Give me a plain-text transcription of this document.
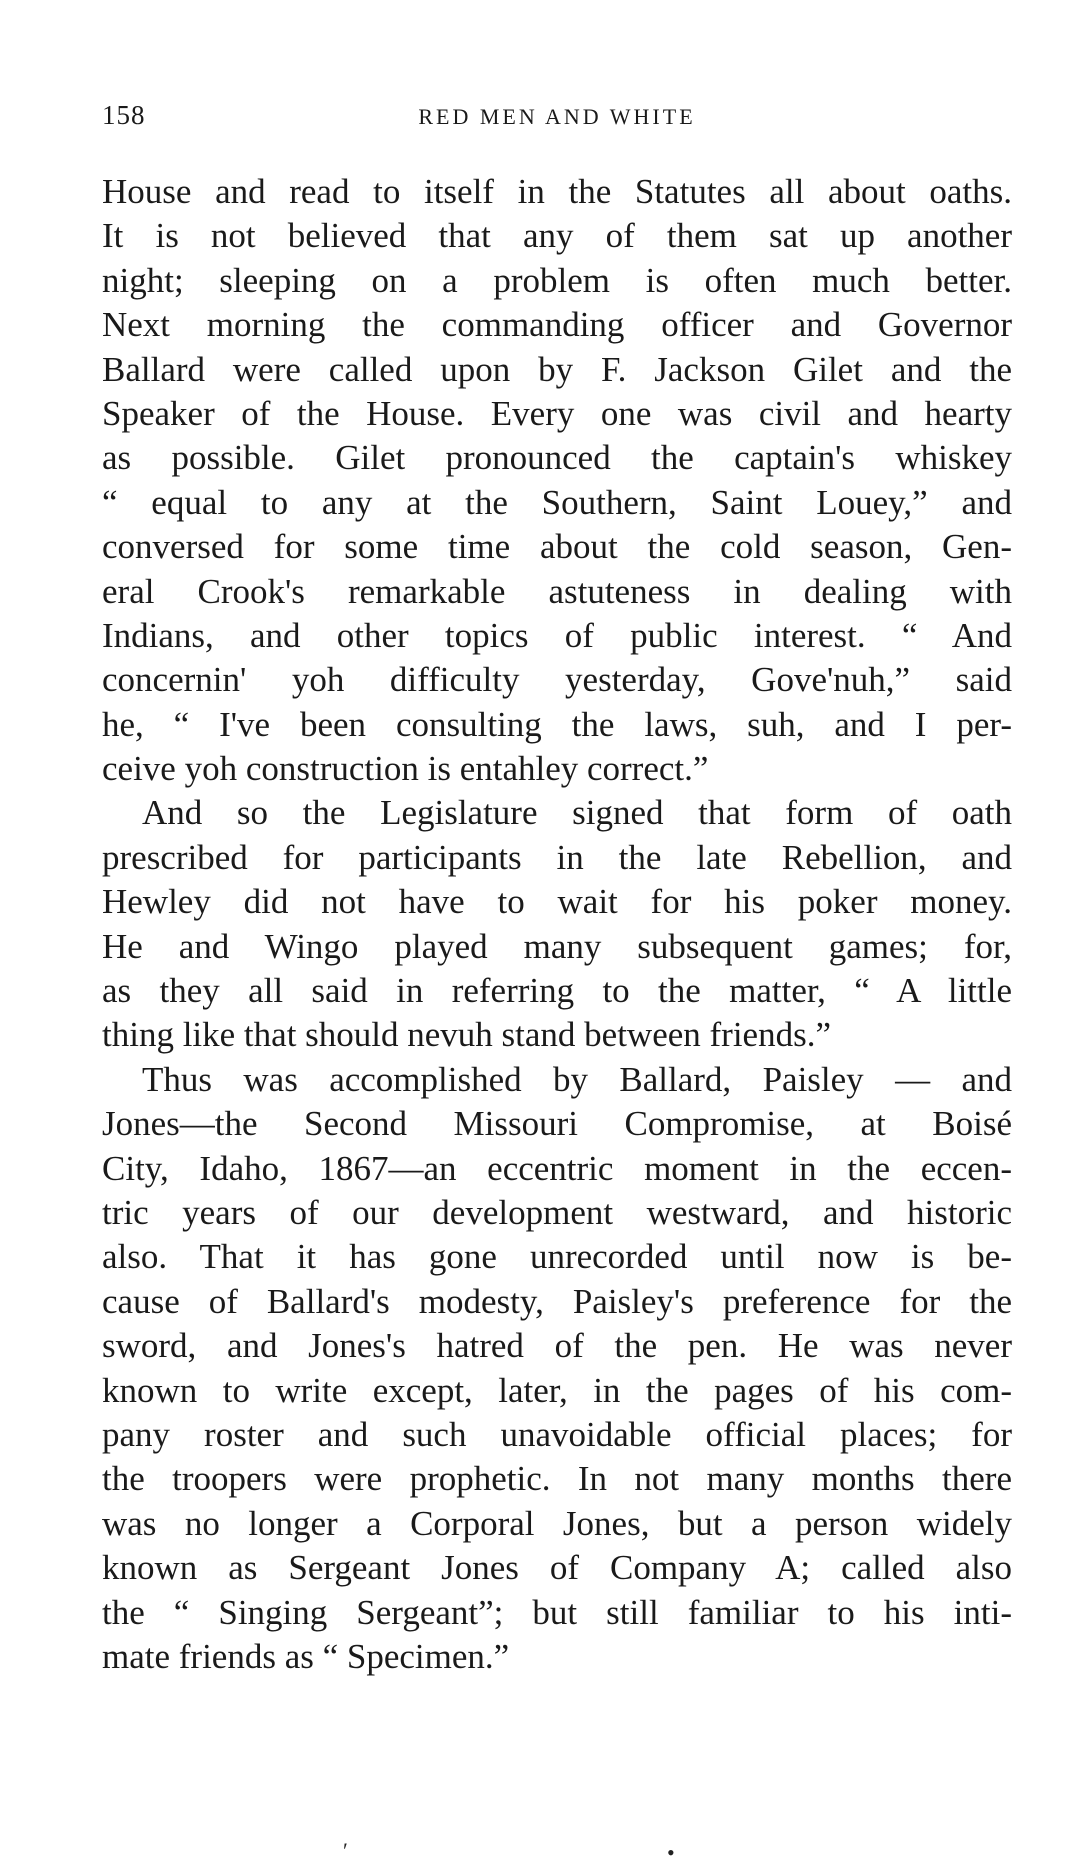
158	RED MEN AND WHITE
House and read to itself in the Statutes all about oaths.
It is not believed that any of them sat up another
night; sleeping on a problem is often much better.
Next morning the commanding officer and Governor
Ballard were called upon by F. Jackson Gilet and the
Speaker of the House. Every one was civil and hearty
as possible. Gilet pronounced the captain's whiskey
“ equal to any at the Southern, Saint Louey,” and
conversed for some time about the cold season, Gen-
eral Crook's remarkable astuteness in dealing with
Indians, and other topics of public interest. “ And
concernin' yoh difficulty yesterday, Gove'nuh,” said
he, “ I've been consulting the laws, suh, and I per-
ceive yoh construction is entahley correct.”
And so the Legislature signed that form of oath
prescribed for participants in the late Rebellion, and
Hewley did not have to wait for his poker money.
He and Wingo played many subsequent games; for,
as they all said in referring to the matter, “ A little
thing like that should nevuh stand between friends.”
Thus was accomplished by Ballard, Paisley — and
Jones—the Second Missouri Compromise, at Boisé
City, Idaho, 1867—an eccentric moment in the eccen-
tric years of our development westward, and historic
also. That it has gone unrecorded until now is be-
cause of Ballard's modesty, Paisley's preference for the
sword, and Jones's hatred of the pen. He was never
known to write except, later, in the pages of his com-
pany roster and such unavoidable official places; for
the troopers were prophetic. In not many months there
was no longer a Corporal Jones, but a person widely
known as Sergeant Jones of Company A; called also
the “ Singing Sergeant”; but still familiar to his inti-
mate friends as “ Specimen.”
′	•
